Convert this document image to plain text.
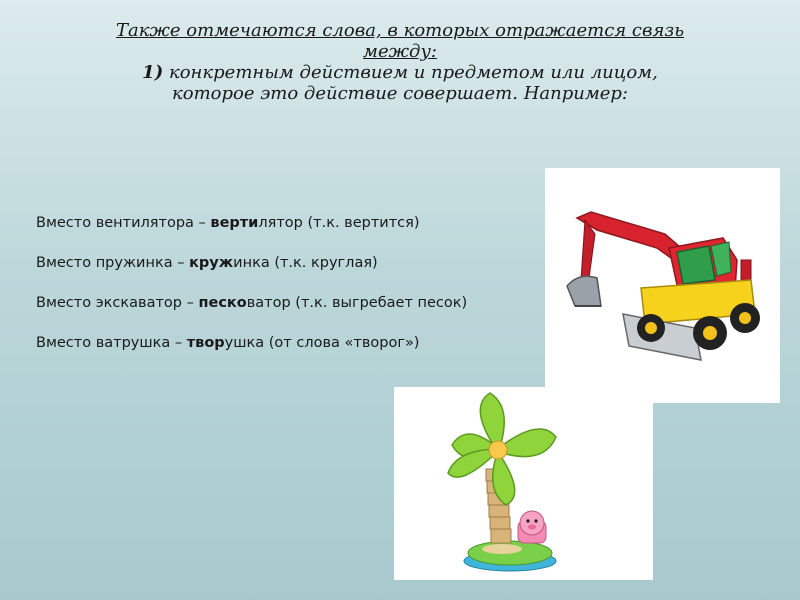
Также отмечаются слова, в которых отражается связь
между:
1) конкретным действием и предметом или лицом,
которое это действие совершает. Например:
Вместо вентилятора – вертилятор (т.к. вертится)
Вместо пружинка – кружинка (т.к. круглая)
Вместо экскаватор – песковатор (т.к. выгребает песок)
Вместо ватрушка – творушка (от слова «творог»)
